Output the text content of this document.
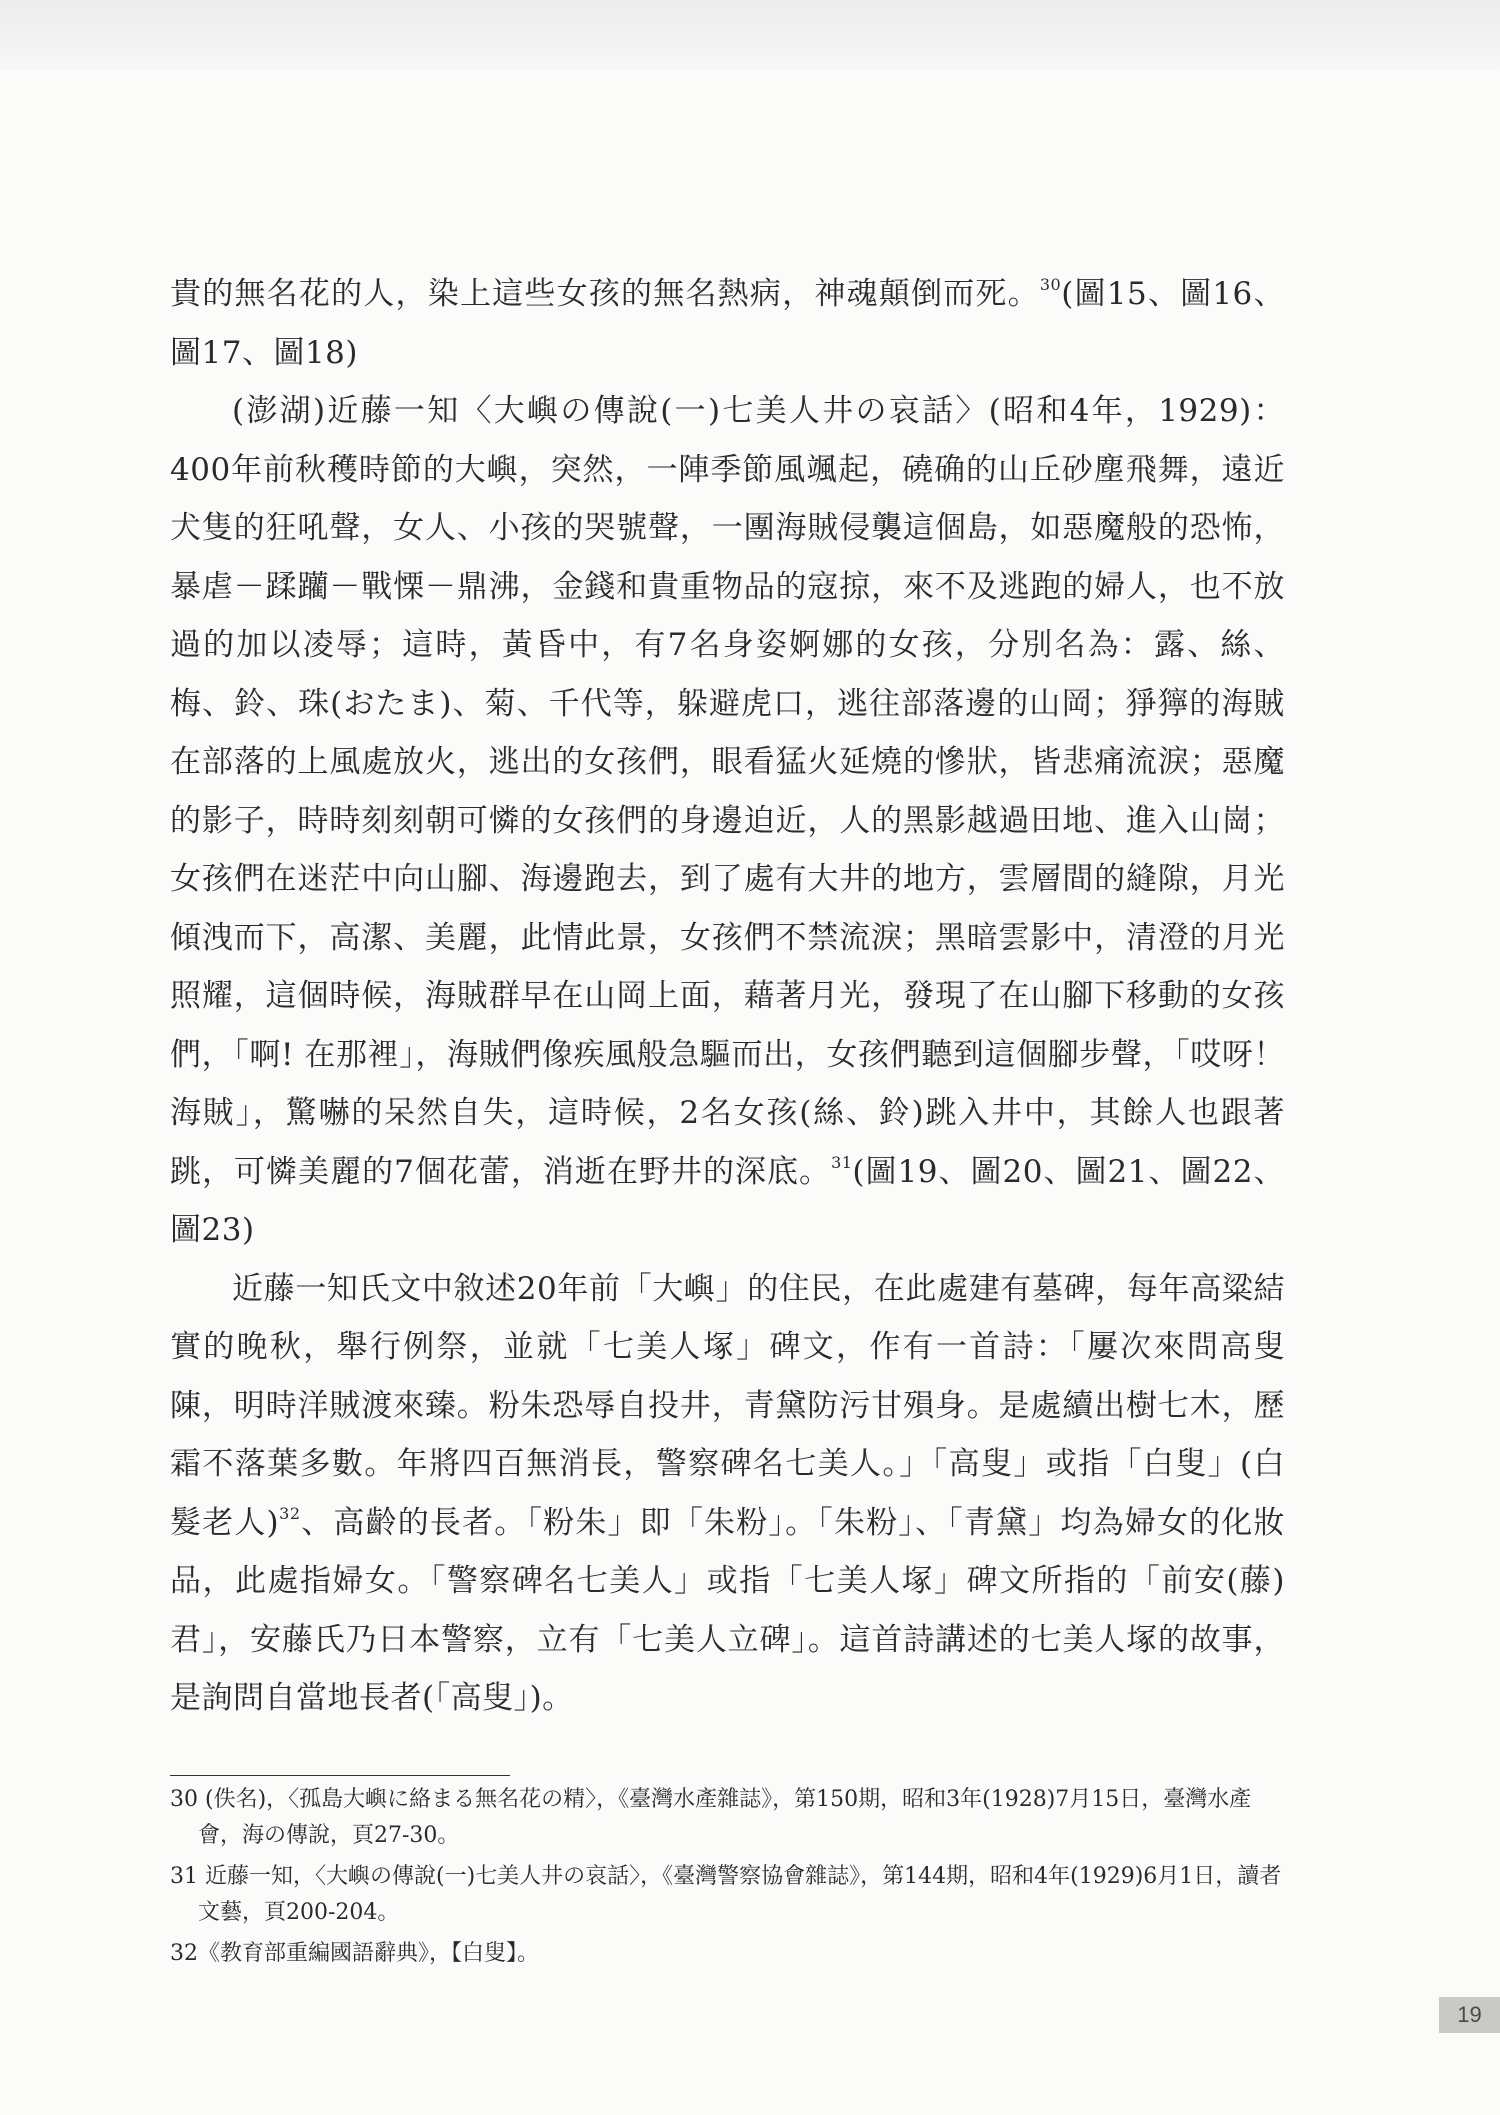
貴的無名花的人，染上這些女孩的無名熱病，神魂顛倒而死。$^{30}$(圖15、圖16、圖17、圖18)

(澎湖)近藤一知〈大嶼の傳說(一)七美人井の哀話〉(昭和4年，1929)：400年前秋穫時節的大嶼，突然，一陣季節風颯起，磽确的山丘砂塵飛舞，遠近犬隻的狂吼聲，女人、小孩的哭號聲，一團海賊侵襲這個島，如惡魔般的恐怖，暴虐－蹂躪－戰慄－鼎沸，金錢和貴重物品的寇掠，來不及逃跑的婦人，也不放過的加以凌辱；這時，黃昏中，有7名身姿婀娜的女孩，分別名為：露、絲、梅、鈴、珠(おたま)、菊、千代等，躲避虎口，逃往部落邊的山岡；猙獰的海賊在部落的上風處放火，逃出的女孩們，眼看猛火延燒的慘狀，皆悲痛流淚；惡魔的影子，時時刻刻朝可憐的女孩們的身邊迫近，人的黑影越過田地、進入山崗；女孩們在迷茫中向山腳、海邊跑去，到了處有大井的地方，雲層間的縫隙，月光傾洩而下，高潔、美麗，此情此景，女孩們不禁流淚；黑暗雲影中，清澄的月光照耀，這個時候，海賊群早在山岡上面，藉著月光，發現了在山腳下移動的女孩們，「啊! 在那裡」，海賊們像疾風般急驅而出，女孩們聽到這個腳步聲，「哎呀！海賊」，驚嚇的呆然自失，這時候，2名女孩(絲、鈴)跳入井中，其餘人也跟著跳，可憐美麗的7個花蕾，消逝在野井的深底。$^{31}$(圖19、圖20、圖21、圖22、圖23)

近藤一知氏文中敘述20年前「大嶼」的住民，在此處建有墓碑，每年高粱結實的晚秋，舉行例祭，並就「七美人塚」碑文，作有一首詩：「屢次來問高叟陳，明時洋賊渡來臻。粉朱恐辱自投井，青黛防污甘殞身。是處續出樹七木，歷霜不落葉多數。年將四百無消長，警察碑名七美人。」「高叟」或指「白叟」(白髮老人)$^{32}$、高齡的長者。「粉朱」即「朱粉」。「朱粉」、「青黛」均為婦女的化妝品，此處指婦女。「警察碑名七美人」或指「七美人塚」碑文所指的「前安(藤)君」，安藤氏乃日本警察，立有「七美人立碑」。這首詩講述的七美人塚的故事，是詢問自當地長者(「高叟」)。

30 (佚名)，〈孤島大嶼に絡まる無名花の精〉，《臺灣水產雜誌》，第150期，昭和3年(1928)7月15日，臺灣水產會，海の傳說，頁27-30。

31 近藤一知，〈大嶼の傳說(一)七美人井の哀話〉，《臺灣警察協會雜誌》，第144期，昭和4年(1929)6月1日，讀者文藝，頁200-204。

32《教育部重編國語辭典》，【白叟】。

19
